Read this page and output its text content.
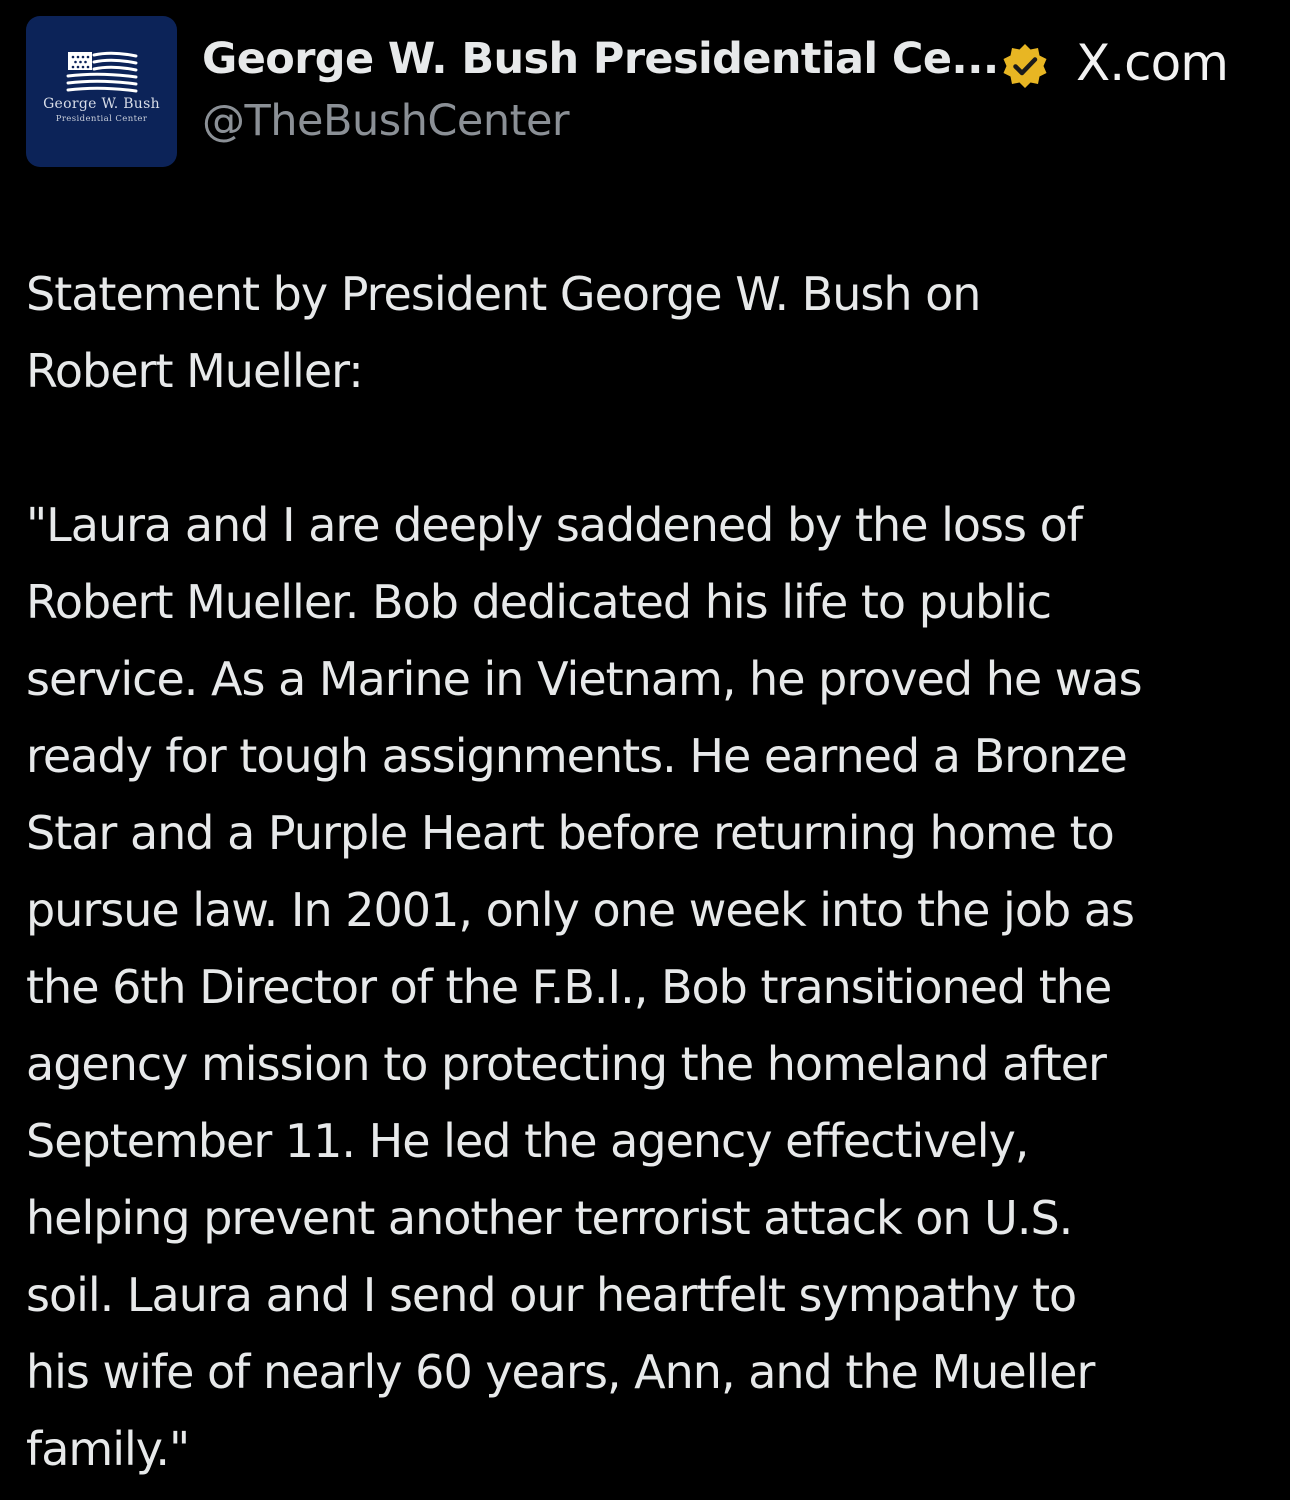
George W. Bush
Presidential Center
George W. Bush Presidential Ce... X.com
@TheBushCenter
Statement by President George W. Bush on
Robert Mueller:
"Laura and I are deeply saddened by the loss of
Robert Mueller. Bob dedicated his life to public
service. As a Marine in Vietnam, he proved he was
ready for tough assignments. He earned a Bronze
Star and a Purple Heart before returning home to
pursue law. In 2001, only one week into the job as
the 6th Director of the F.B.I., Bob transitioned the
agency mission to protecting the homeland after
September 11. He led the agency effectively,
helping prevent another terrorist attack on U.S.
soil. Laura and I send our heartfelt sympathy to
his wife of nearly 60 years, Ann, and the Mueller
family."
